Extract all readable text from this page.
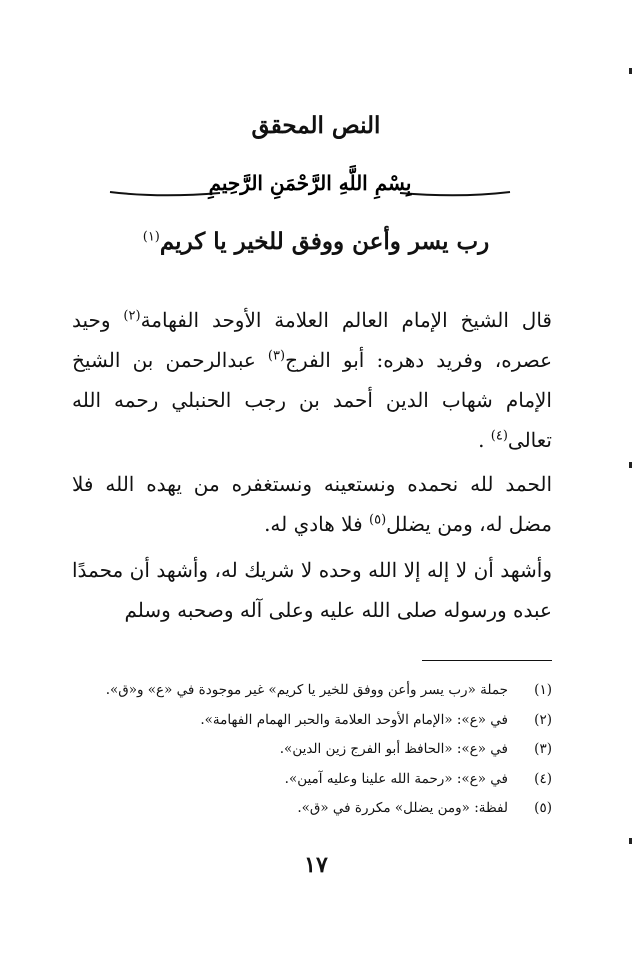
النص المحقق
بِسْمِ اللَّهِ الرَّحْمَنِ الرَّحِيمِ
رب يسر وأعن ووفق للخير يا كريم$^{(١)}$
قال الشيخ الإمام العالم العلامة الأوحد الفهامة$^{(٢)}$ وحيد عصره، وفريد دهره: أبو الفرج$^{(٣)}$ عبدالرحمن بن الشيخ الإمام شهاب الدين أحمد بن رجب الحنبلي رحمه الله تعالى$^{(٤)}$ .
الحمد لله نحمده ونستعينه ونستغفره من يهده الله فلا مضل له، ومن يضلل$^{(٥)}$ فلا هادي له.
وأشهد أن لا إله إلا الله وحده لا شريك له، وأشهد أن محمدًا عبده ورسوله صلى الله عليه وعلى آله وصحبه وسلم
(١)جملة «رب يسر وأعن ووفق للخير يا كريم» غير موجودة في «ع» و«ق».
(٢)في «ع»: «الإمام الأوحد العلامة والحبر الهمام الفهامة».
(٣)في «ع»: «الحافظ أبو الفرج زين الدين».
(٤)في «ع»: «رحمة الله علينا وعليه آمين».
(٥)لفظة: «ومن يضلل» مكررة في «ق».
١٧
